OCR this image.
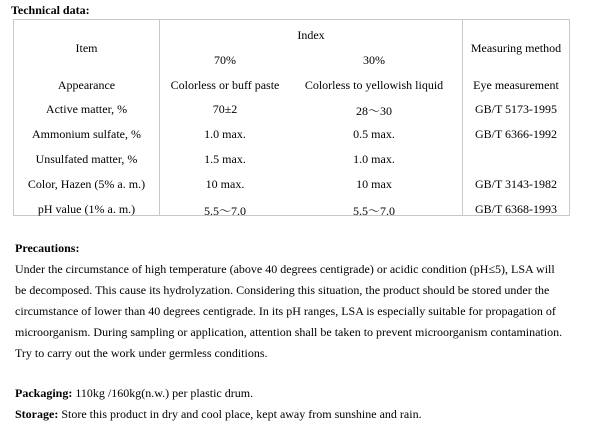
Technical data:
Item
Index
70%	30%
Measuring method
Appearance	Colorless or buff paste	Colorless to yellowish liquid	Eye measurement
Active matter, %	70±2	28～30	GB/T 5173-1995
Ammonium sulfate, %	1.0 max.	0.5 max.	GB/T 6366-1992
Unsulfated matter, %	1.5 max.	1.0 max.
Color, Hazen (5% a. m.)	10 max.	10 max	GB/T 3143-1982
pH value (1% a. m.)	5.5～7.0	5.5～7.0	GB/T 6368-1993
Precautions:
Under the circumstance of high temperature (above 40 degrees centigrade) or acidic condition (pH≤5), LSA will
be decomposed. This cause its hydrolyzation. Considering this situation, the product should be stored under the
circumstance of lower than 40 degrees centigrade. In its pH ranges, LSA is especially suitable for propagation of
microorganism. During sampling or application, attention shall be taken to prevent microorganism contamination.
Try to carry out the work under germless conditions.
Packaging: 110kg /160kg(n.w.) per plastic drum.
Storage: Store this product in dry and cool place, kept away from sunshine and rain.
